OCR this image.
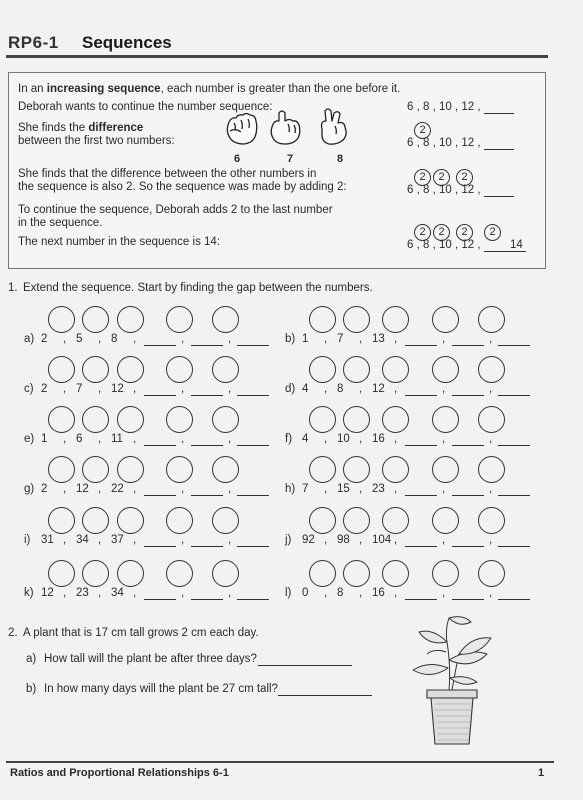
RP6-1 Sequences
In an increasing sequence, each number is greater than the one before it.
Deborah wants to continue the number sequence:
She finds the difference
between the first two numbers:
She finds that the difference between the other numbers in
the sequence is also 2. So the sequence was made by adding 2:
To continue the sequence, Deborah adds 2 to the last number
in the sequence.
The next number in the sequence is 14:
6	7	8
6 , 8 , 10 , 12 ,
2
6 , 8 , 10 , 12 ,
2	2	2
6 , 8 , 10 , 12 ,
2	2	2	2
6 , 8 , 10 , 12 ,	14
1. Extend the sequence. Start by finding the gap between the numbers.
a) 2 , 5 , 8 ,	,	,
c) 2 , 7 , 12 ,	,	,
e) 1 , 6 , 11 ,	,	,
g) 2 , 12 , 22 ,	,	,
i) 31 , 34 , 37 ,	,	,
k) 12 , 23 , 34 ,	,	,
b) 1 , 7 , 13 ,	,	,
d) 4 , 8 , 12 ,	,	,
f) 4 , 10 , 16 ,	,	,
h) 7 , 15 , 23 ,	,	,
j) 92 , 98 , 104 ,	,	,
l) 0 , 8 , 16 ,	,	,
2. A plant that is 17 cm tall grows 2 cm each day.
a) How tall will the plant be after three days?
b) In how many days will the plant be 27 cm tall?
Ratios and Proportional Relationships 6-1	1
